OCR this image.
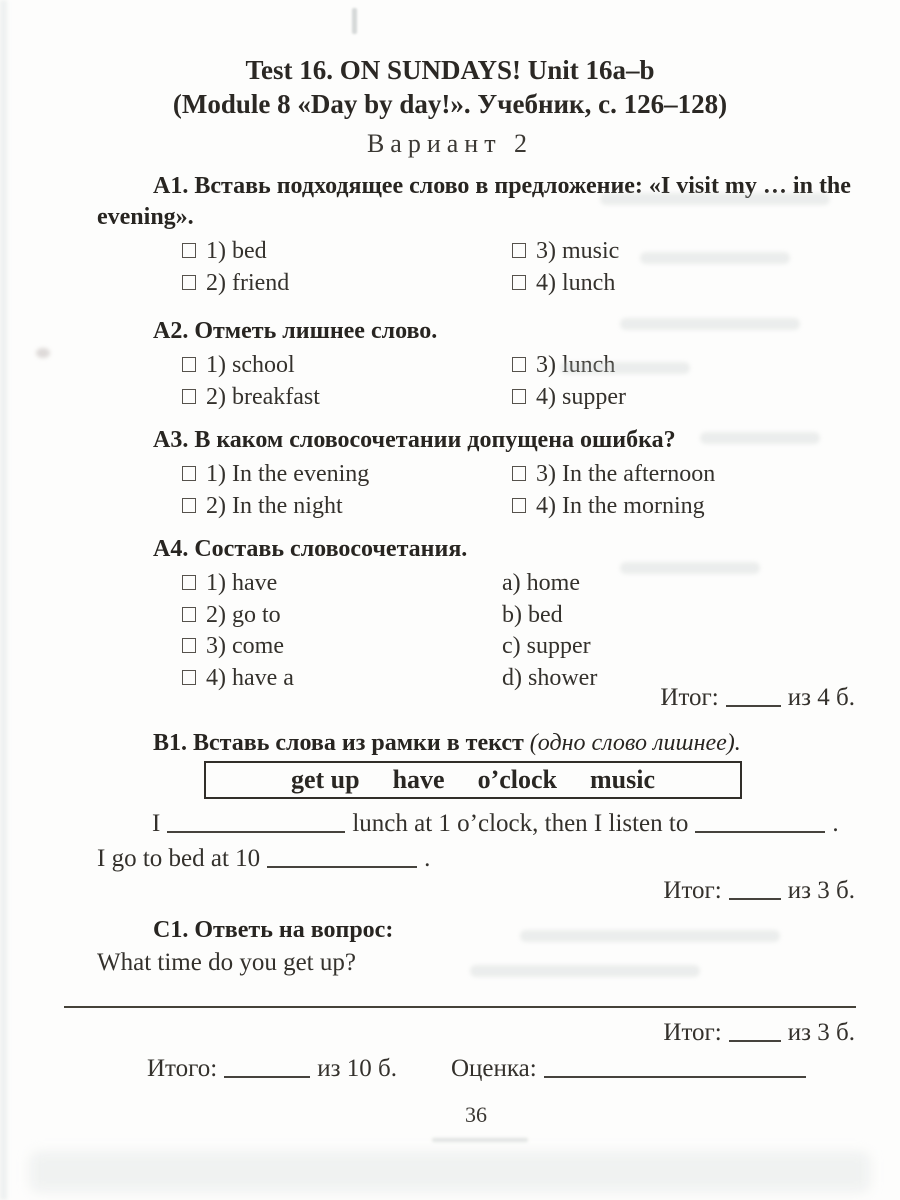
Test 16. ON SUNDAYS! Unit 16a–b
(Module 8 «Day by day!». Учебник, с. 126–128)
Вариант 2
А1. Вставь подходящее слово в предложение: «I visit my … in the evening».
1) bed	3) music
2) friend	4) lunch
А2. Отметь лишнее слово.
1) school	3) lunch
2) breakfast	4) supper
А3. В каком словосочетании допущена ошибка?
1) In the evening	3) In the afternoon
2) In the night	4) In the morning
А4. Составь словосочетания.
1) have	a) home
2) go to	b) bed
3) come	c) supper
4) have a	d) shower
Итог:	из 4 б.
В1. Вставь слова из рамки в текст (одно слово лишнее).
get up have o’clock music
I	lunch at 1 o’clock, then I listen to	.
I go to bed at 10	.
Итог:	из 3 б.
С1. Ответь на вопрос:
What time do you get up?
Итог:	из 3 б.
Итого:	из 10 б. Оценка:
36
